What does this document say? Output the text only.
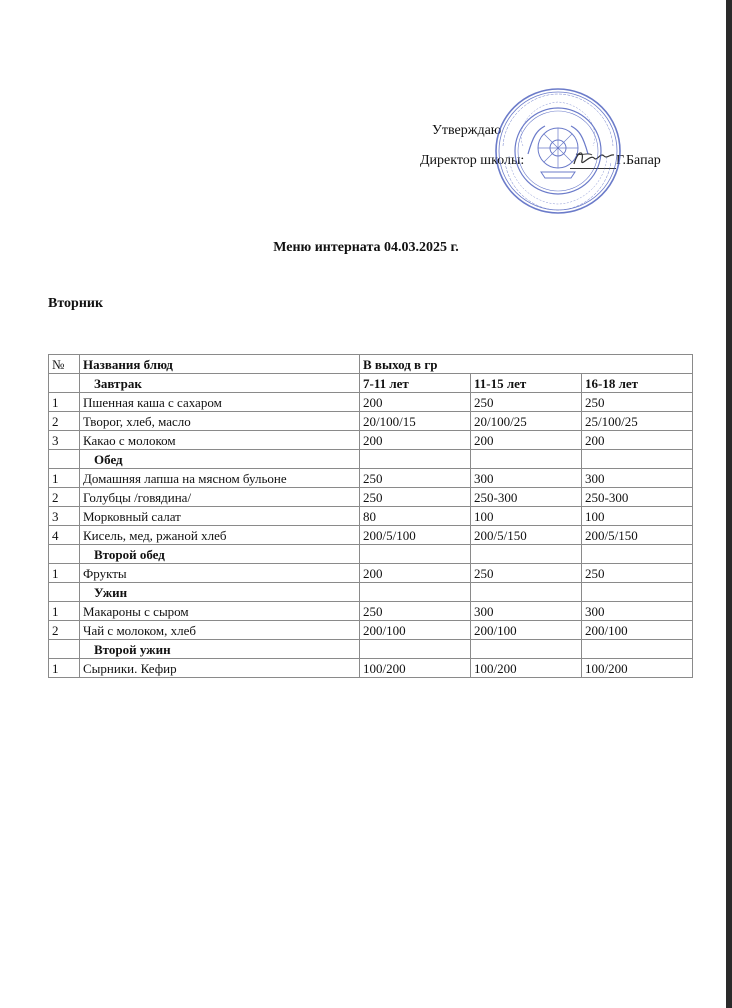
Утверждаю
Директор школы:	Г.Бапар
Меню интерната 04.03.2025 г.
Вторник
№	Названия блюд	В выход в гр		
	Завтрак	7-11 лет	11-15 лет	16-18 лет
1	Пшенная каша с сахаром	200	250	250
2	Творог, хлеб, масло	20/100/15	20/100/25	25/100/25
3	Какао с молоком	200	200	200
	Обед			
1	Домашняя лапша на мясном бульоне	250	300	300
2	Голубцы /говядина/	250	250-300	250-300
3	Морковный салат	80	100	100
4	Кисель, мед, ржаной хлеб	200/5/100	200/5/150	200/5/150
	Второй обед			
1	Фрукты	200	250	250
	Ужин			
1	Макароны с сыром	250	300	300
2	Чай с молоком, хлеб	200/100	200/100	200/100
	Второй ужин			
1	Сырники. Кефир	100/200	100/200	100/200
